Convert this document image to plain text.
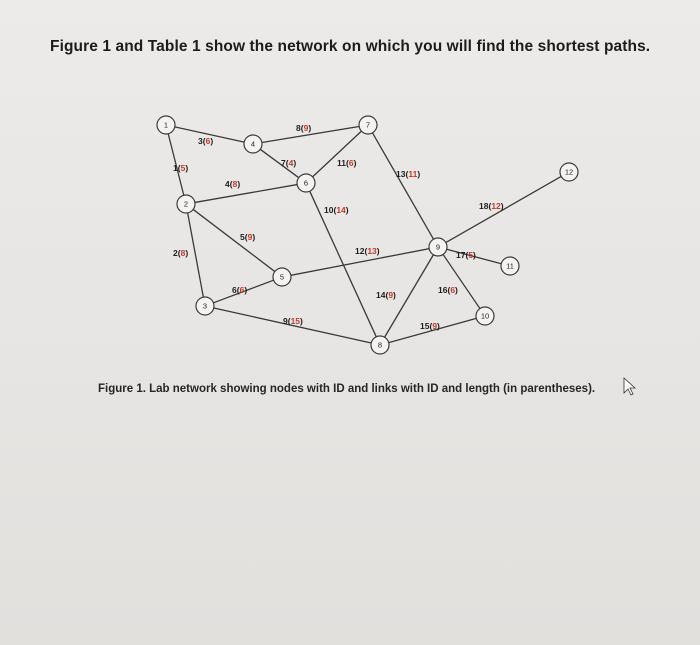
Figure 1 and Table 1 show the network on which you will find the shortest paths.
1(5)
2(8)
3(6)
4(8)
5(9)
6(6)
7(4)
8(9)
9(15)
10(14)
11(6)
12(13)
13(11)
14(9)
15(9)
16(6)
17(5)
18(12)
1
2
3
4
5
6
7
8
9
10
11
12
Figure 1. Lab network showing nodes with ID and links with ID and length (in parentheses).
